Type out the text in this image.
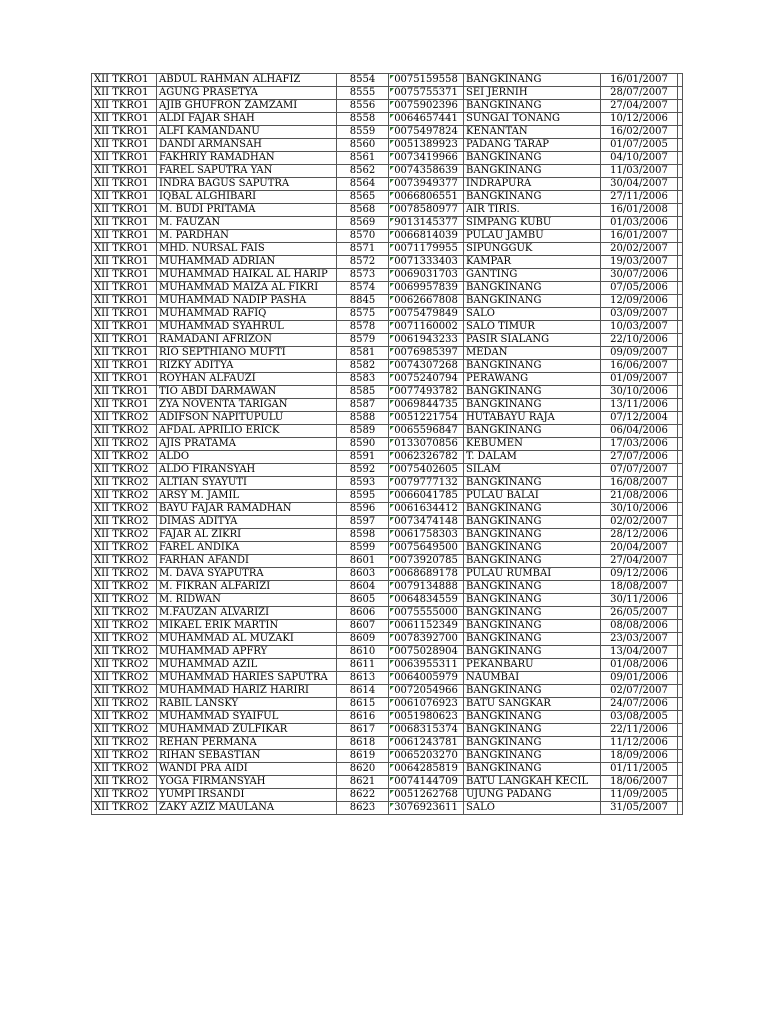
XII TKRO1	ABDUL RAHMAN ALHAFIZ	8554	0075159558	BANGKINANG	16/01/2007	
XII TKRO1	AGUNG PRASETYA	8555	0075755371	SEI JERNIH	28/07/2007	
XII TKRO1	AJIB GHUFRON ZAMZAMI	8556	0075902396	BANGKINANG	27/04/2007	
XII TKRO1	ALDI FAJAR SHAH	8558	0064657441	SUNGAI TONANG	10/12/2006	
XII TKRO1	ALFI KAMANDANU	8559	0075497824	KENANTAN	16/02/2007	
XII TKRO1	DANDI ARMANSAH	8560	0051389923	PADANG TARAP	01/07/2005	
XII TKRO1	FAKHRIY RAMADHAN	8561	0073419966	BANGKINANG	04/10/2007	
XII TKRO1	FAREL SAPUTRA YAN	8562	0074358639	BANGKINANG	11/03/2007	
XII TKRO1	INDRA BAGUS SAPUTRA	8564	0073949377	INDRAPURA	30/04/2007	
XII TKRO1	IQBAL ALGHIBARI	8565	0066806551	BANGKINANG	27/11/2006	
XII TKRO1	M. BUDI PRITAMA	8568	0078580977	AIR TIRIS.	16/01/2008	
XII TKRO1	M. FAUZAN	8569	9013145377	SIMPANG KUBU	01/03/2006	
XII TKRO1	M. PARDHAN	8570	0066814039	PULAU JAMBU	16/01/2007	
XII TKRO1	MHD. NURSAL FAIS	8571	0071179955	SIPUNGGUK	20/02/2007	
XII TKRO1	MUHAMMAD ADRIAN	8572	0071333403	KAMPAR	19/03/2007	
XII TKRO1	MUHAMMAD HAIKAL AL HARIP	8573	0069031703	GANTING	30/07/2006	
XII TKRO1	MUHAMMAD MAIZA AL FIKRI	8574	0069957839	BANGKINANG	07/05/2006	
XII TKRO1	MUHAMMAD NADIP PASHA	8845	0062667808	BANGKINANG	12/09/2006	
XII TKRO1	MUHAMMAD RAFIQ	8575	0075479849	SALO	03/09/2007	
XII TKRO1	MUHAMMAD SYAHRUL	8578	0071160002	SALO TIMUR	10/03/2007	
XII TKRO1	RAMADANI AFRIZON	8579	0061943233	PASIR SIALANG	22/10/2006	
XII TKRO1	RIO SEPTHIANO MUFTI	8581	0076985397	MEDAN	09/09/2007	
XII TKRO1	RIZKY ADITYA	8582	0074307268	BANGKINANG	16/06/2007	
XII TKRO1	ROYHAN ALFAUZI	8583	0075240794	PERAWANG	01/09/2007	
XII TKRO1	TIO ABDI DARMAWAN	8585	0077493782	BANGKINANG	30/10/2006	
XII TKRO1	ZYA NOVENTA TARIGAN	8587	0069844735	BANGKINANG	13/11/2006	
XII TKRO2	ADIFSON NAPITUPULU	8588	0051221754	HUTABAYU RAJA	07/12/2004	
XII TKRO2	AFDAL APRILIO ERICK	8589	0065596847	BANGKINANG	06/04/2006	
XII TKRO2	AJIS PRATAMA	8590	0133070856	KEBUMEN	17/03/2006	
XII TKRO2	ALDO	8591	0062326782	T. DALAM	27/07/2006	
XII TKRO2	ALDO FIRANSYAH	8592	0075402605	SILAM	07/07/2007	
XII TKRO2	ALTIAN SYAYUTI	8593	0079777132	BANGKINANG	16/08/2007	
XII TKRO2	ARSY M. JAMIL	8595	0066041785	PULAU BALAI	21/08/2006	
XII TKRO2	BAYU FAJAR RAMADHAN	8596	0061634412	BANGKINANG	30/10/2006	
XII TKRO2	DIMAS ADITYA	8597	0073474148	BANGKINANG	02/02/2007	
XII TKRO2	FAJAR AL ZIKRI	8598	0061758303	BANGKINANG	28/12/2006	
XII TKRO2	FAREL ANDIKA	8599	0075649500	BANGKINANG	20/04/2007	
XII TKRO2	FARHAN AFANDI	8601	0073920785	BANGKINANG	27/04/2007	
XII TKRO2	M. DAVA SYAPUTRA	8603	0068689178	PULAU RUMBAI	09/12/2006	
XII TKRO2	M. FIKRAN ALFARIZI	8604	0079134888	BANGKINANG	18/08/2007	
XII TKRO2	M. RIDWAN	8605	0064834559	BANGKINANG	30/11/2006	
XII TKRO2	M.FAUZAN ALVARIZI	8606	0075555000	BANGKINANG	26/05/2007	
XII TKRO2	MIKAEL ERIK MARTIN	8607	0061152349	BANGKINANG	08/08/2006	
XII TKRO2	MUHAMMAD AL MUZAKI	8609	0078392700	BANGKINANG	23/03/2007	
XII TKRO2	MUHAMMAD APFRY	8610	0075028904	BANGKINANG	13/04/2007	
XII TKRO2	MUHAMMAD AZIL	8611	0063955311	PEKANBARU	01/08/2006	
XII TKRO2	MUHAMMAD HARIES SAPUTRA	8613	0064005979	NAUMBAI	09/01/2006	
XII TKRO2	MUHAMMAD HARIZ HARIRI	8614	0072054966	BANGKINANG	02/07/2007	
XII TKRO2	RABIL LANSKY	8615	0061076923	BATU SANGKAR	24/07/2006	
XII TKRO2	MUHAMMAD SYAIFUL	8616	0051980623	BANGKINANG	03/08/2005	
XII TKRO2	MUHAMMAD ZULFIKAR	8617	0068315374	BANGKINANG	22/11/2006	
XII TKRO2	REHAN PERMANA	8618	0061243781	BANGKINANG	11/12/2006	
XII TKRO2	RIHAN SEBASTIAN	8619	0065203270	BANGKINANG	18/09/2006	
XII TKRO2	WANDI PRA AIDI	8620	0064285819	BANGKINANG	01/11/2005	
XII TKRO2	YOGA FIRMANSYAH	8621	0074144709	BATU LANGKAH KECIL	18/06/2007	
XII TKRO2	YUMPI IRSANDI	8622	0051262768	UJUNG PADANG	11/09/2005	
XII TKRO2	ZAKY AZIZ MAULANA	8623	3076923611	SALO	31/05/2007	
